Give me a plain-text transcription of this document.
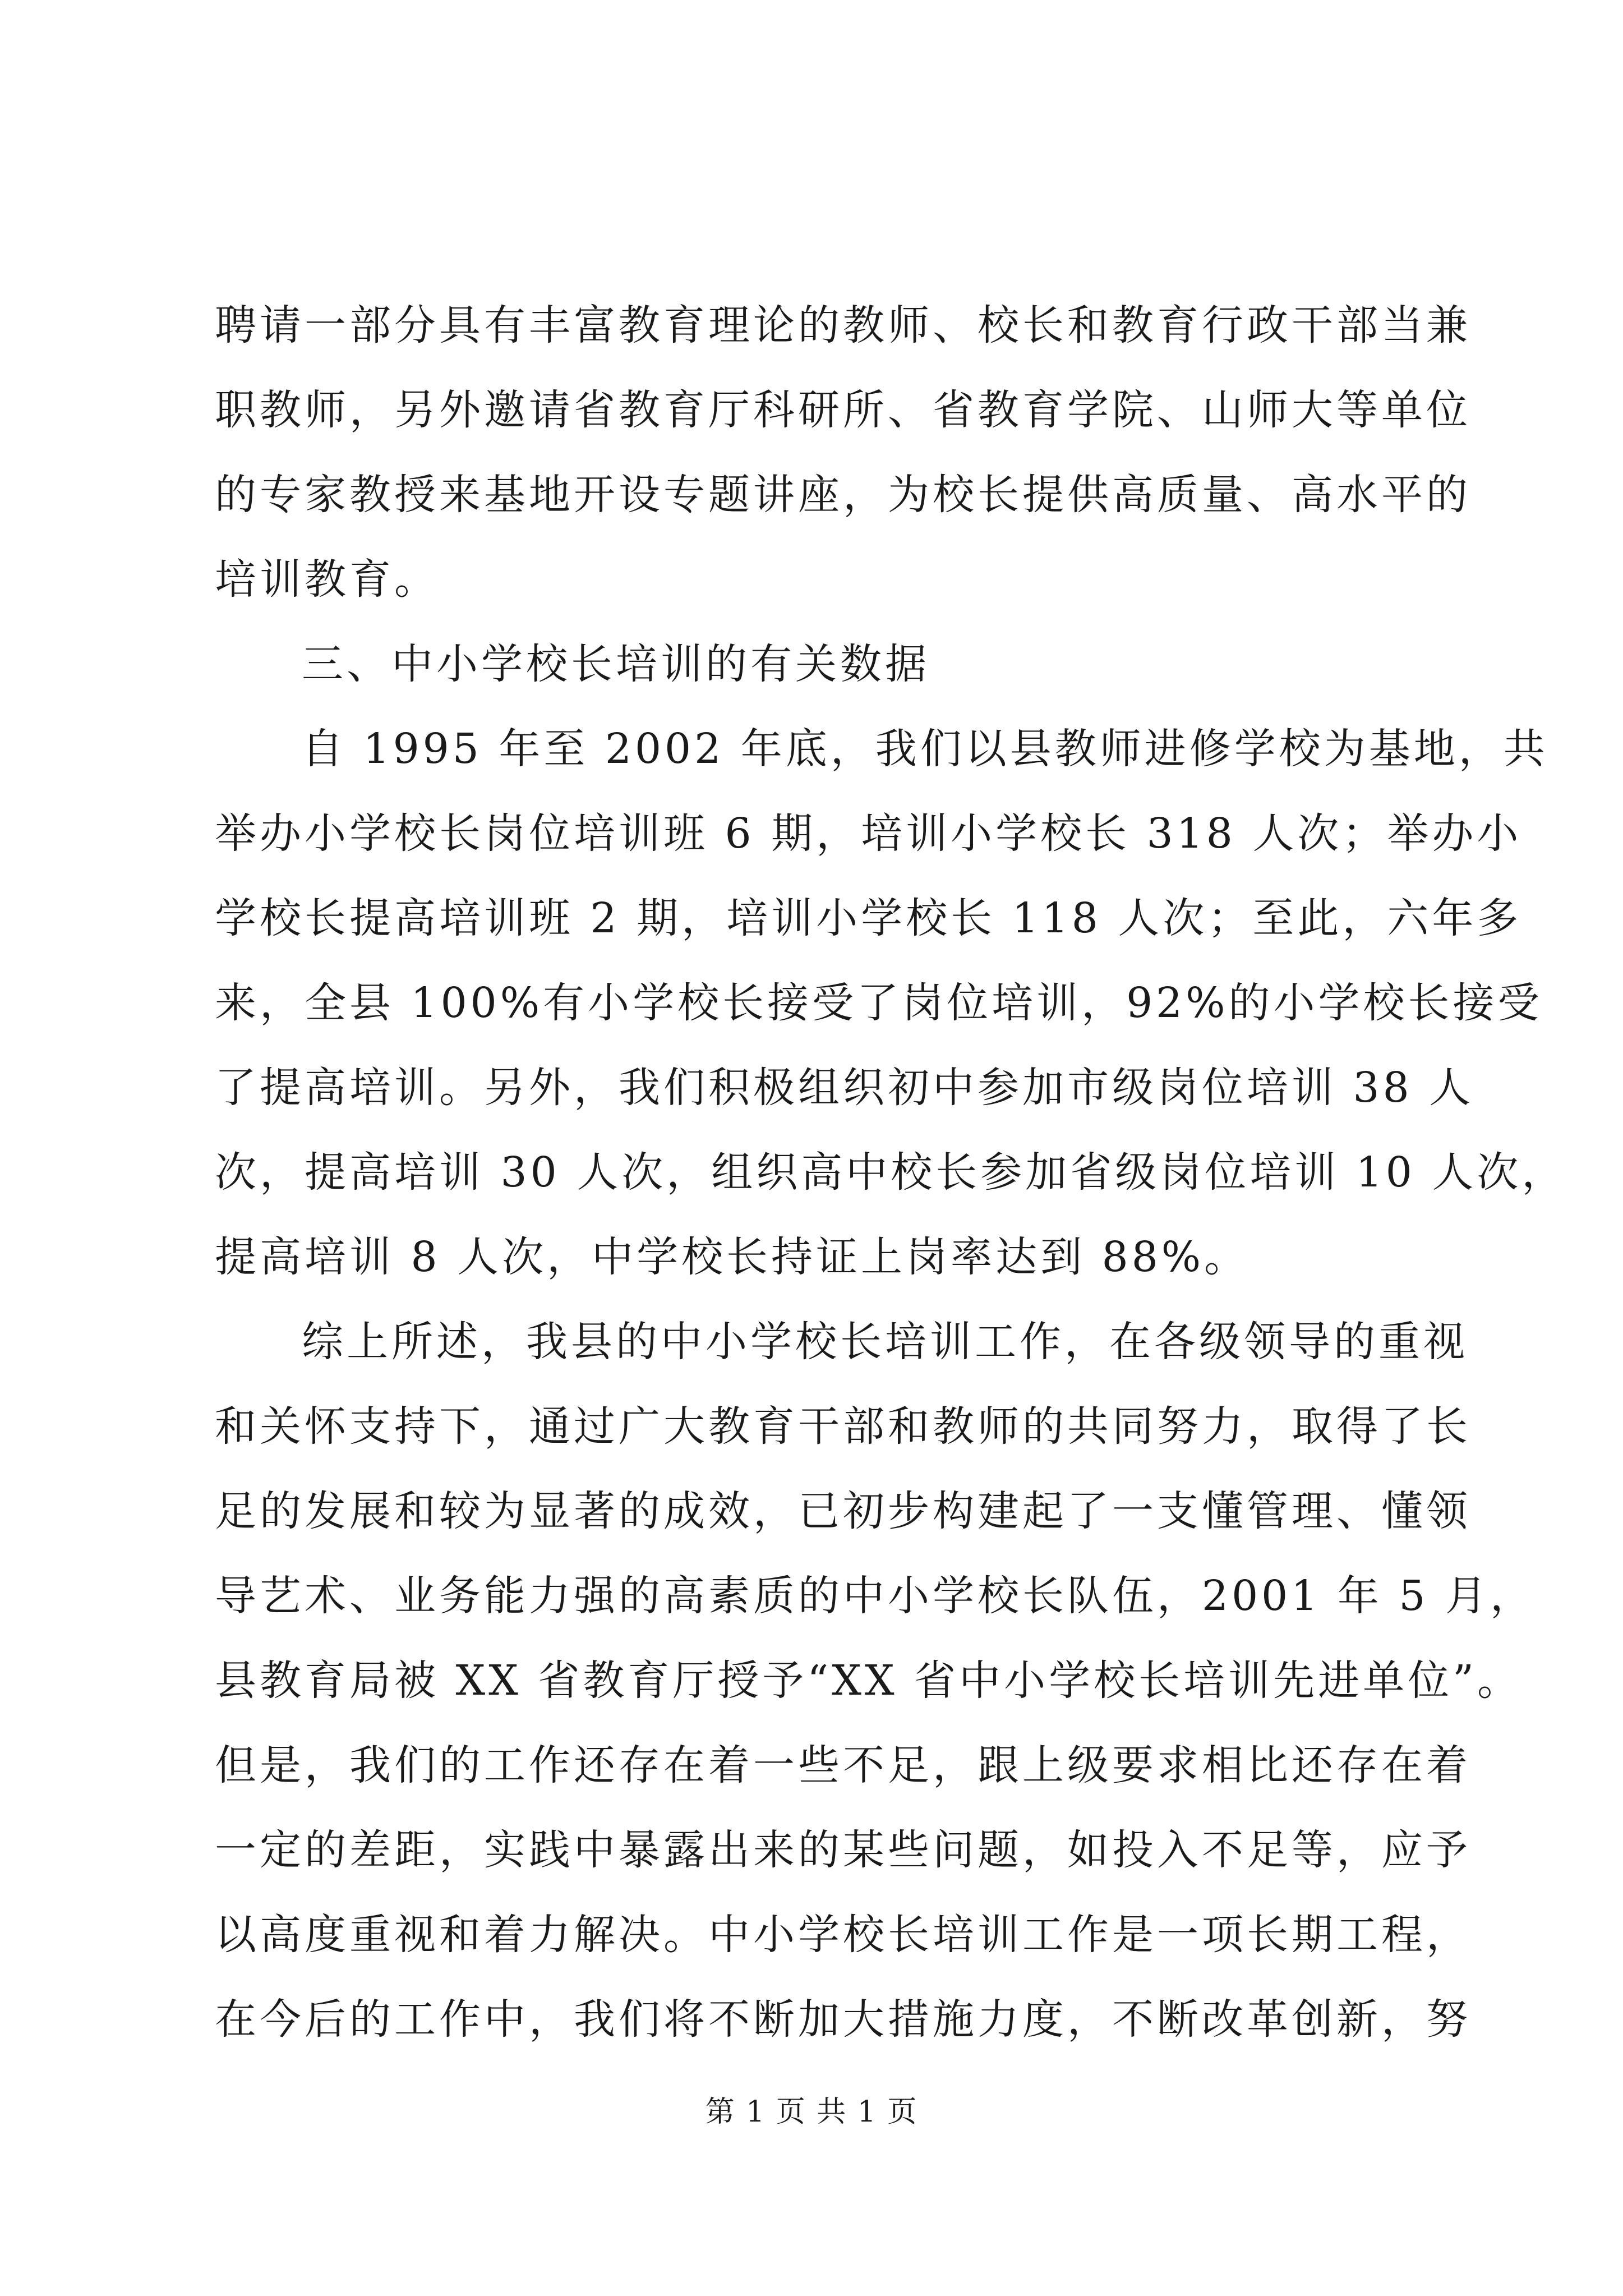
聘请一部分具有丰富教育理论的教师、校长和教育行政干部当兼
职教师，另外邀请省教育厅科研所、省教育学院、山师大等单位
的专家教授来基地开设专题讲座，为校长提供高质量、高水平的
培训教育。
三、中小学校长培训的有关数据
自 1995 年至 2002 年底，我们以县教师进修学校为基地，共
举办小学校长岗位培训班 6 期，培训小学校长 318 人次；举办小
学校长提高培训班 2 期，培训小学校长 118 人次；至此，六年多
来，全县 100%有小学校长接受了岗位培训，92%的小学校长接受
了提高培训。另外，我们积极组织初中参加市级岗位培训 38 人
次，提高培训 30 人次，组织高中校长参加省级岗位培训 10 人次，
提高培训 8 人次，中学校长持证上岗率达到 88%。
综上所述，我县的中小学校长培训工作，在各级领导的重视
和关怀支持下，通过广大教育干部和教师的共同努力，取得了长
足的发展和较为显著的成效，已初步构建起了一支懂管理、懂领
导艺术、业务能力强的高素质的中小学校长队伍，2001 年 5 月，
县教育局被 XX 省教育厅授予“XX 省中小学校长培训先进单位”。
但是，我们的工作还存在着一些不足，跟上级要求相比还存在着
一定的差距，实践中暴露出来的某些问题，如投入不足等，应予
以高度重视和着力解决。中小学校长培训工作是一项长期工程，
在今后的工作中，我们将不断加大措施力度，不断改革创新，努
第 1 页 共 1 页
